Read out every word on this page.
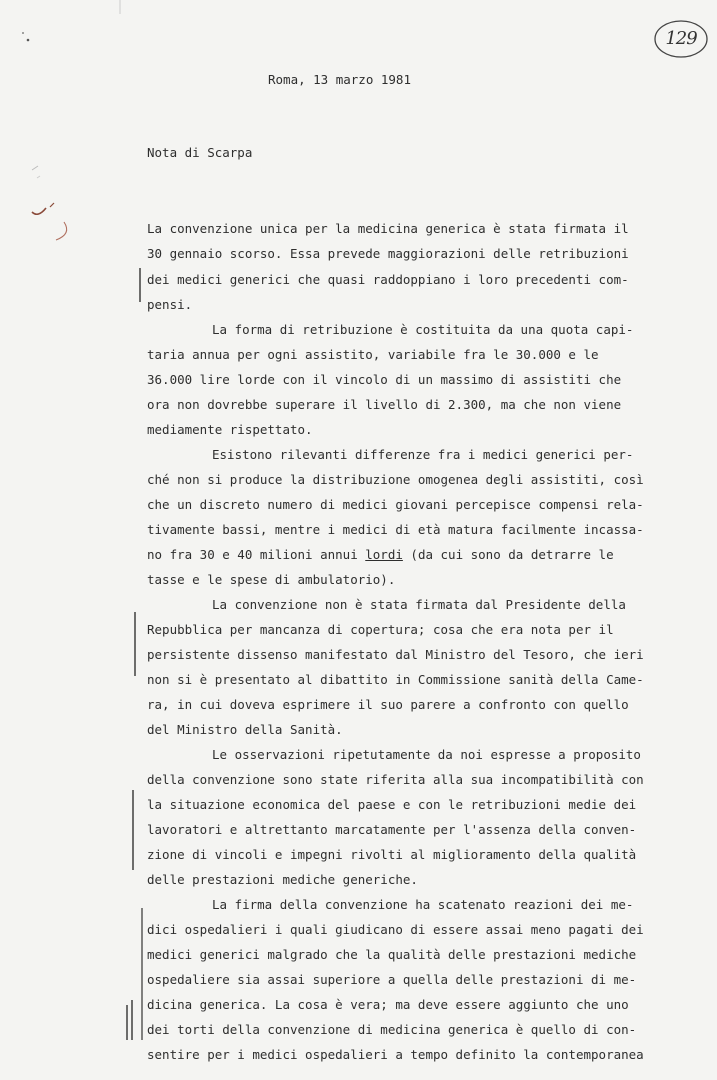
129
Roma, 13 marzo 1981
Nota di Scarpa
La convenzione unica per la medicina generica è stata firmata il
30 gennaio scorso. Essa prevede maggiorazioni delle retribuzioni
dei medici generici che quasi raddoppiano i loro precedenti com-
pensi.
La forma di retribuzione è costituita da una quota capi-
taria annua per ogni assistito, variabile fra le 30.000 e le
36.000 lire lorde con il vincolo di un massimo di assistiti che
ora non dovrebbe superare il livello di 2.300, ma che non viene
mediamente rispettato.
Esistono rilevanti differenze fra i medici generici per-
ché non si produce la distribuzione omogenea degli assistiti, così
che un discreto numero di medici giovani percepisce compensi rela-
tivamente bassi, mentre i medici di età matura facilmente incassa-
no fra 30 e 40 milioni annui lordi (da cui sono da detrarre le
tasse e le spese di ambulatorio).
La convenzione non è stata firmata dal Presidente della
Repubblica per mancanza di copertura; cosa che era nota per il
persistente dissenso manifestato dal Ministro del Tesoro, che ieri
non si è presentato al dibattito in Commissione sanità della Came-
ra, in cui doveva esprimere il suo parere a confronto con quello
del Ministro della Sanità.
Le osservazioni ripetutamente da noi espresse a proposito
della convenzione sono state riferita alla sua incompatibilità con
la situazione economica del paese e con le retribuzioni medie dei
lavoratori e altrettanto marcatamente per l'assenza della conven-
zione di vincoli e impegni rivolti al miglioramento della qualità
delle prestazioni mediche generiche.
La firma della convenzione ha scatenato reazioni dei me-
dici ospedalieri i quali giudicano di essere assai meno pagati dei
medici generici malgrado che la qualità delle prestazioni mediche
ospedaliere sia assai superiore a quella delle prestazioni di me-
dicina generica. La cosa è vera; ma deve essere aggiunto che uno
dei torti della convenzione di medicina generica è quello di con-
sentire per i medici ospedalieri a tempo definito la contemporanea
